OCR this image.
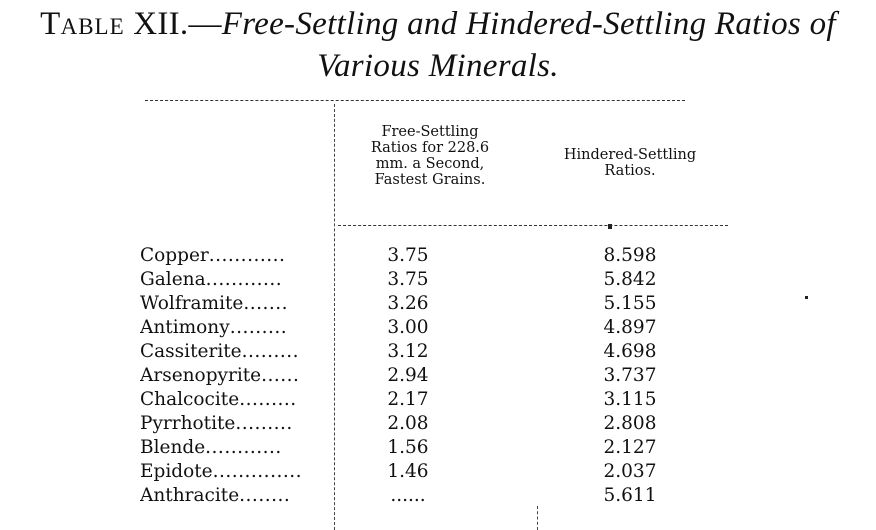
TABLE XII.—Free-Settling and Hindered-Settling Ratios of
Various Minerals.
Free-Settling
Ratios for 228.6
mm. a Second,
Fastest Grains.
Hindered-Settling
Ratios.
Copper............	3.75	8.598
Galena............	3.75	5.842
Wolframite.......	3.26	5.155
Antimony.........	3.00	4.897
Cassiterite.........	3.12	4.698
Arsenopyrite......	2.94	3.737
Chalcocite.........	2.17	3.115
Pyrrhotite.........	2.08	2.808
Blende............	1.56	2.127
Epidote..............	1.46	2.037
Anthracite........	......	5.611
